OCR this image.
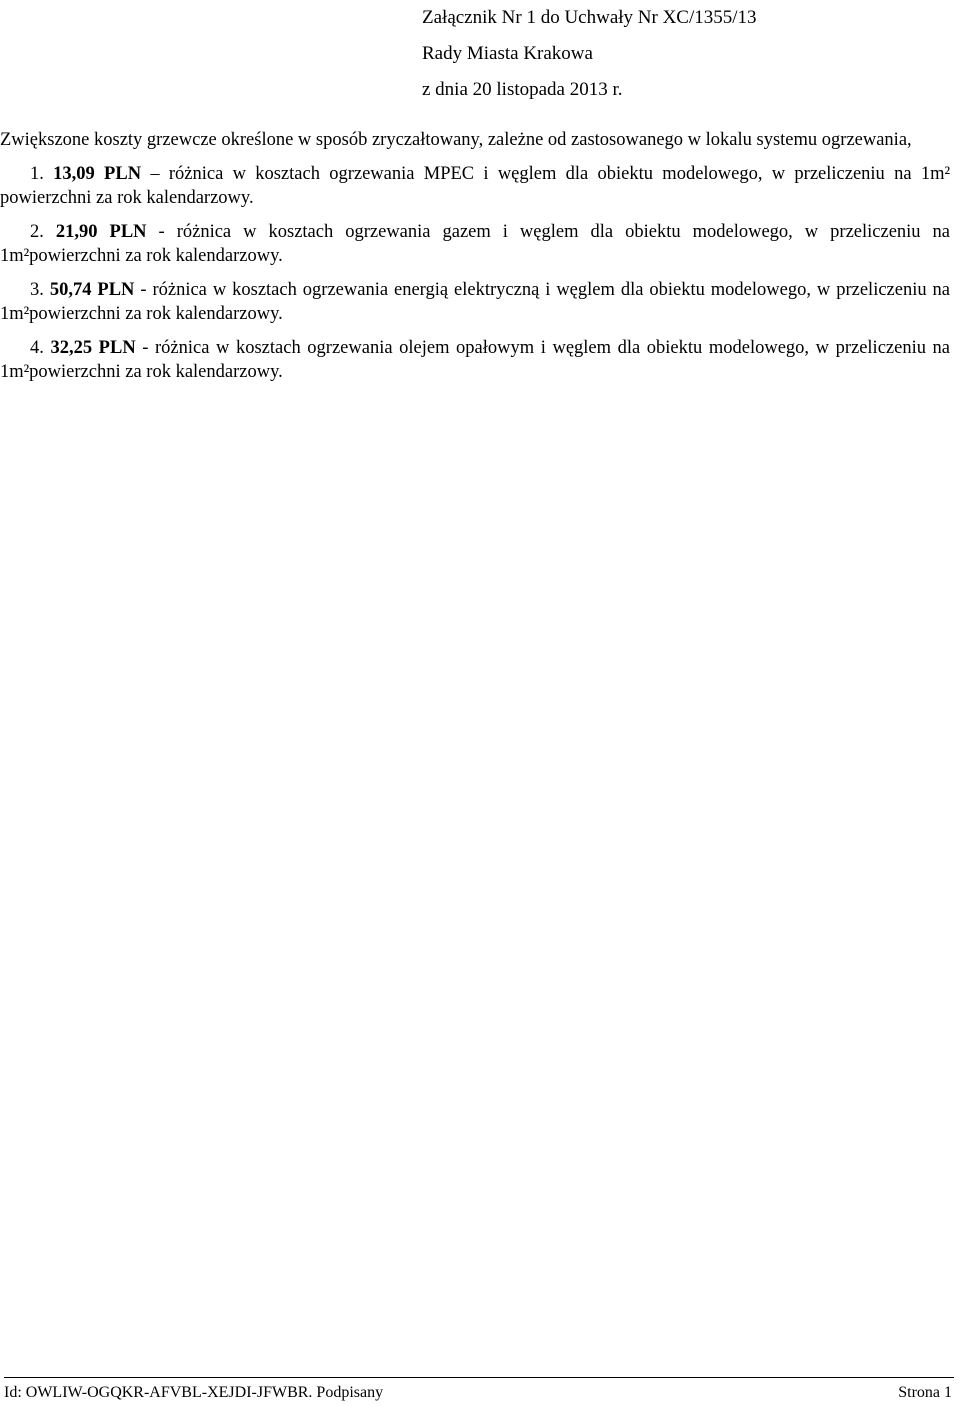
Załącznik Nr 1 do Uchwały Nr XC/1355/13
Rady Miasta Krakowa
z dnia 20 listopada 2013 r.

Zwiększone koszty grzewcze określone w sposób zryczałtowany, zależne od zastosowanego w lokalu systemu ogrzewania,

1. 13,09 PLN – różnica w kosztach ogrzewania MPEC i węglem dla obiektu modelowego, w przeliczeniu na 1m² powierzchni za rok kalendarzowy.

2. 21,90 PLN - różnica w kosztach ogrzewania gazem i węglem dla obiektu modelowego, w przeliczeniu na 1m²powierzchni za rok kalendarzowy.

3. 50,74 PLN - różnica w kosztach ogrzewania energią elektryczną i węglem dla obiektu modelowego, w przeliczeniu na 1m²powierzchni za rok kalendarzowy.

4. 32,25 PLN - różnica w kosztach ogrzewania olejem opałowym i węglem dla obiektu modelowego, w przeliczeniu na 1m²powierzchni za rok kalendarzowy.

Id: OWLIW-OGQKR-AFVBL-XEJDI-JFWBR. Podpisany	Strona 1
